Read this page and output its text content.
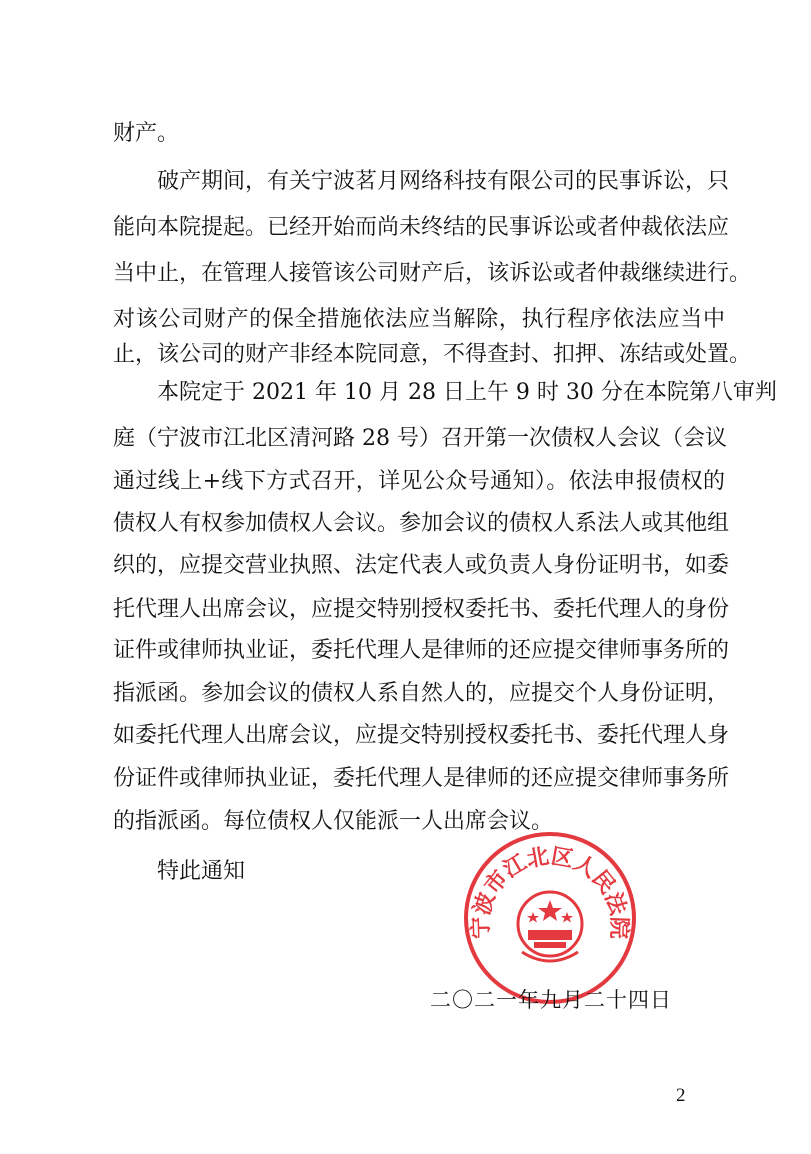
财产。
破产期间，有关宁波茗月网络科技有限公司的民事诉讼，只
能向本院提起。已经开始而尚未终结的民事诉讼或者仲裁依法应
当中止，在管理人接管该公司财产后，该诉讼或者仲裁继续进行。
对该公司财产的保全措施依法应当解除，执行程序依法应当中
止，该公司的财产非经本院同意，不得查封、扣押、冻结或处置。
本院定于 2021 年 10 月 28 日上午 9 时 30 分在本院第八审判
庭（宁波市江北区清河路 28 号）召开第一次债权人会议（会议
通过线上+线下方式召开，详见公众号通知）。依法申报债权的
债权人有权参加债权人会议。参加会议的债权人系法人或其他组
织的，应提交营业执照、法定代表人或负责人身份证明书，如委
托代理人出席会议，应提交特别授权委托书、委托代理人的身份
证件或律师执业证，委托代理人是律师的还应提交律师事务所的
指派函。参加会议的债权人系自然人的，应提交个人身份证明，
如委托代理人出席会议，应提交特别授权委托书、委托代理人身
份证件或律师执业证，委托代理人是律师的还应提交律师事务所
的指派函。每位债权人仅能派一人出席会议。
特此通知
宁波市江北区人民法院
二〇二一年九月二十四日
2
